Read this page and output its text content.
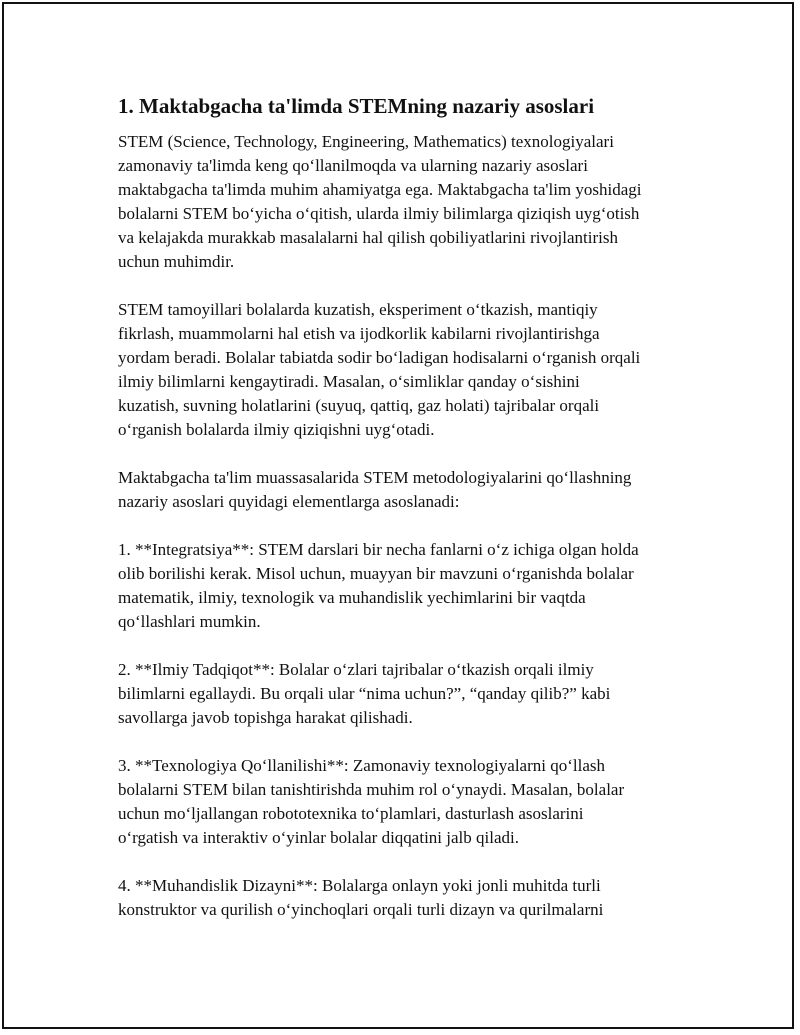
1. Maktabgacha ta'limda STEMning nazariy asoslari
STEM (Science, Technology, Engineering, Mathematics) texnologiyalari
zamonaviy ta'limda keng qo‘llanilmoqda va ularning nazariy asoslari
maktabgacha ta'limda muhim ahamiyatga ega. Maktabgacha ta'lim yoshidagi
bolalarni STEM bo‘yicha o‘qitish, ularda ilmiy bilimlarga qiziqish uyg‘otish
va kelajakda murakkab masalalarni hal qilish qobiliyatlarini rivojlantirish
uchun muhimdir.
STEM tamoyillari bolalarda kuzatish, eksperiment o‘tkazish, mantiqiy
fikrlash, muammolarni hal etish va ijodkorlik kabilarni rivojlantirishga
yordam beradi. Bolalar tabiatda sodir bo‘ladigan hodisalarni o‘rganish orqali
ilmiy bilimlarni kengaytiradi. Masalan, o‘simliklar qanday o‘sishini
kuzatish, suvning holatlarini (suyuq, qattiq, gaz holati) tajribalar orqali
o‘rganish bolalarda ilmiy qiziqishni uyg‘otadi.
Maktabgacha ta'lim muassasalarida STEM metodologiyalarini qo‘llashning
nazariy asoslari quyidagi elementlarga asoslanadi:
1. **Integratsiya**: STEM darslari bir necha fanlarni o‘z ichiga olgan holda
olib borilishi kerak. Misol uchun, muayyan bir mavzuni o‘rganishda bolalar
matematik, ilmiy, texnologik va muhandislik yechimlarini bir vaqtda
qo‘llashlari mumkin.
2. **Ilmiy Tadqiqot**: Bolalar o‘zlari tajribalar o‘tkazish orqali ilmiy
bilimlarni egallaydi. Bu orqali ular “nima uchun?”, “qanday qilib?” kabi
savollarga javob topishga harakat qilishadi.
3. **Texnologiya Qo‘llanilishi**: Zamonaviy texnologiyalarni qo‘llash
bolalarni STEM bilan tanishtirishda muhim rol o‘ynaydi. Masalan, bolalar
uchun mo‘ljallangan robototexnika to‘plamlari, dasturlash asoslarini
o‘rgatish va interaktiv o‘yinlar bolalar diqqatini jalb qiladi.
4. **Muhandislik Dizayni**: Bolalarga onlayn yoki jonli muhitda turli
konstruktor va qurilish o‘yinchoqlari orqali turli dizayn va qurilmalarni
